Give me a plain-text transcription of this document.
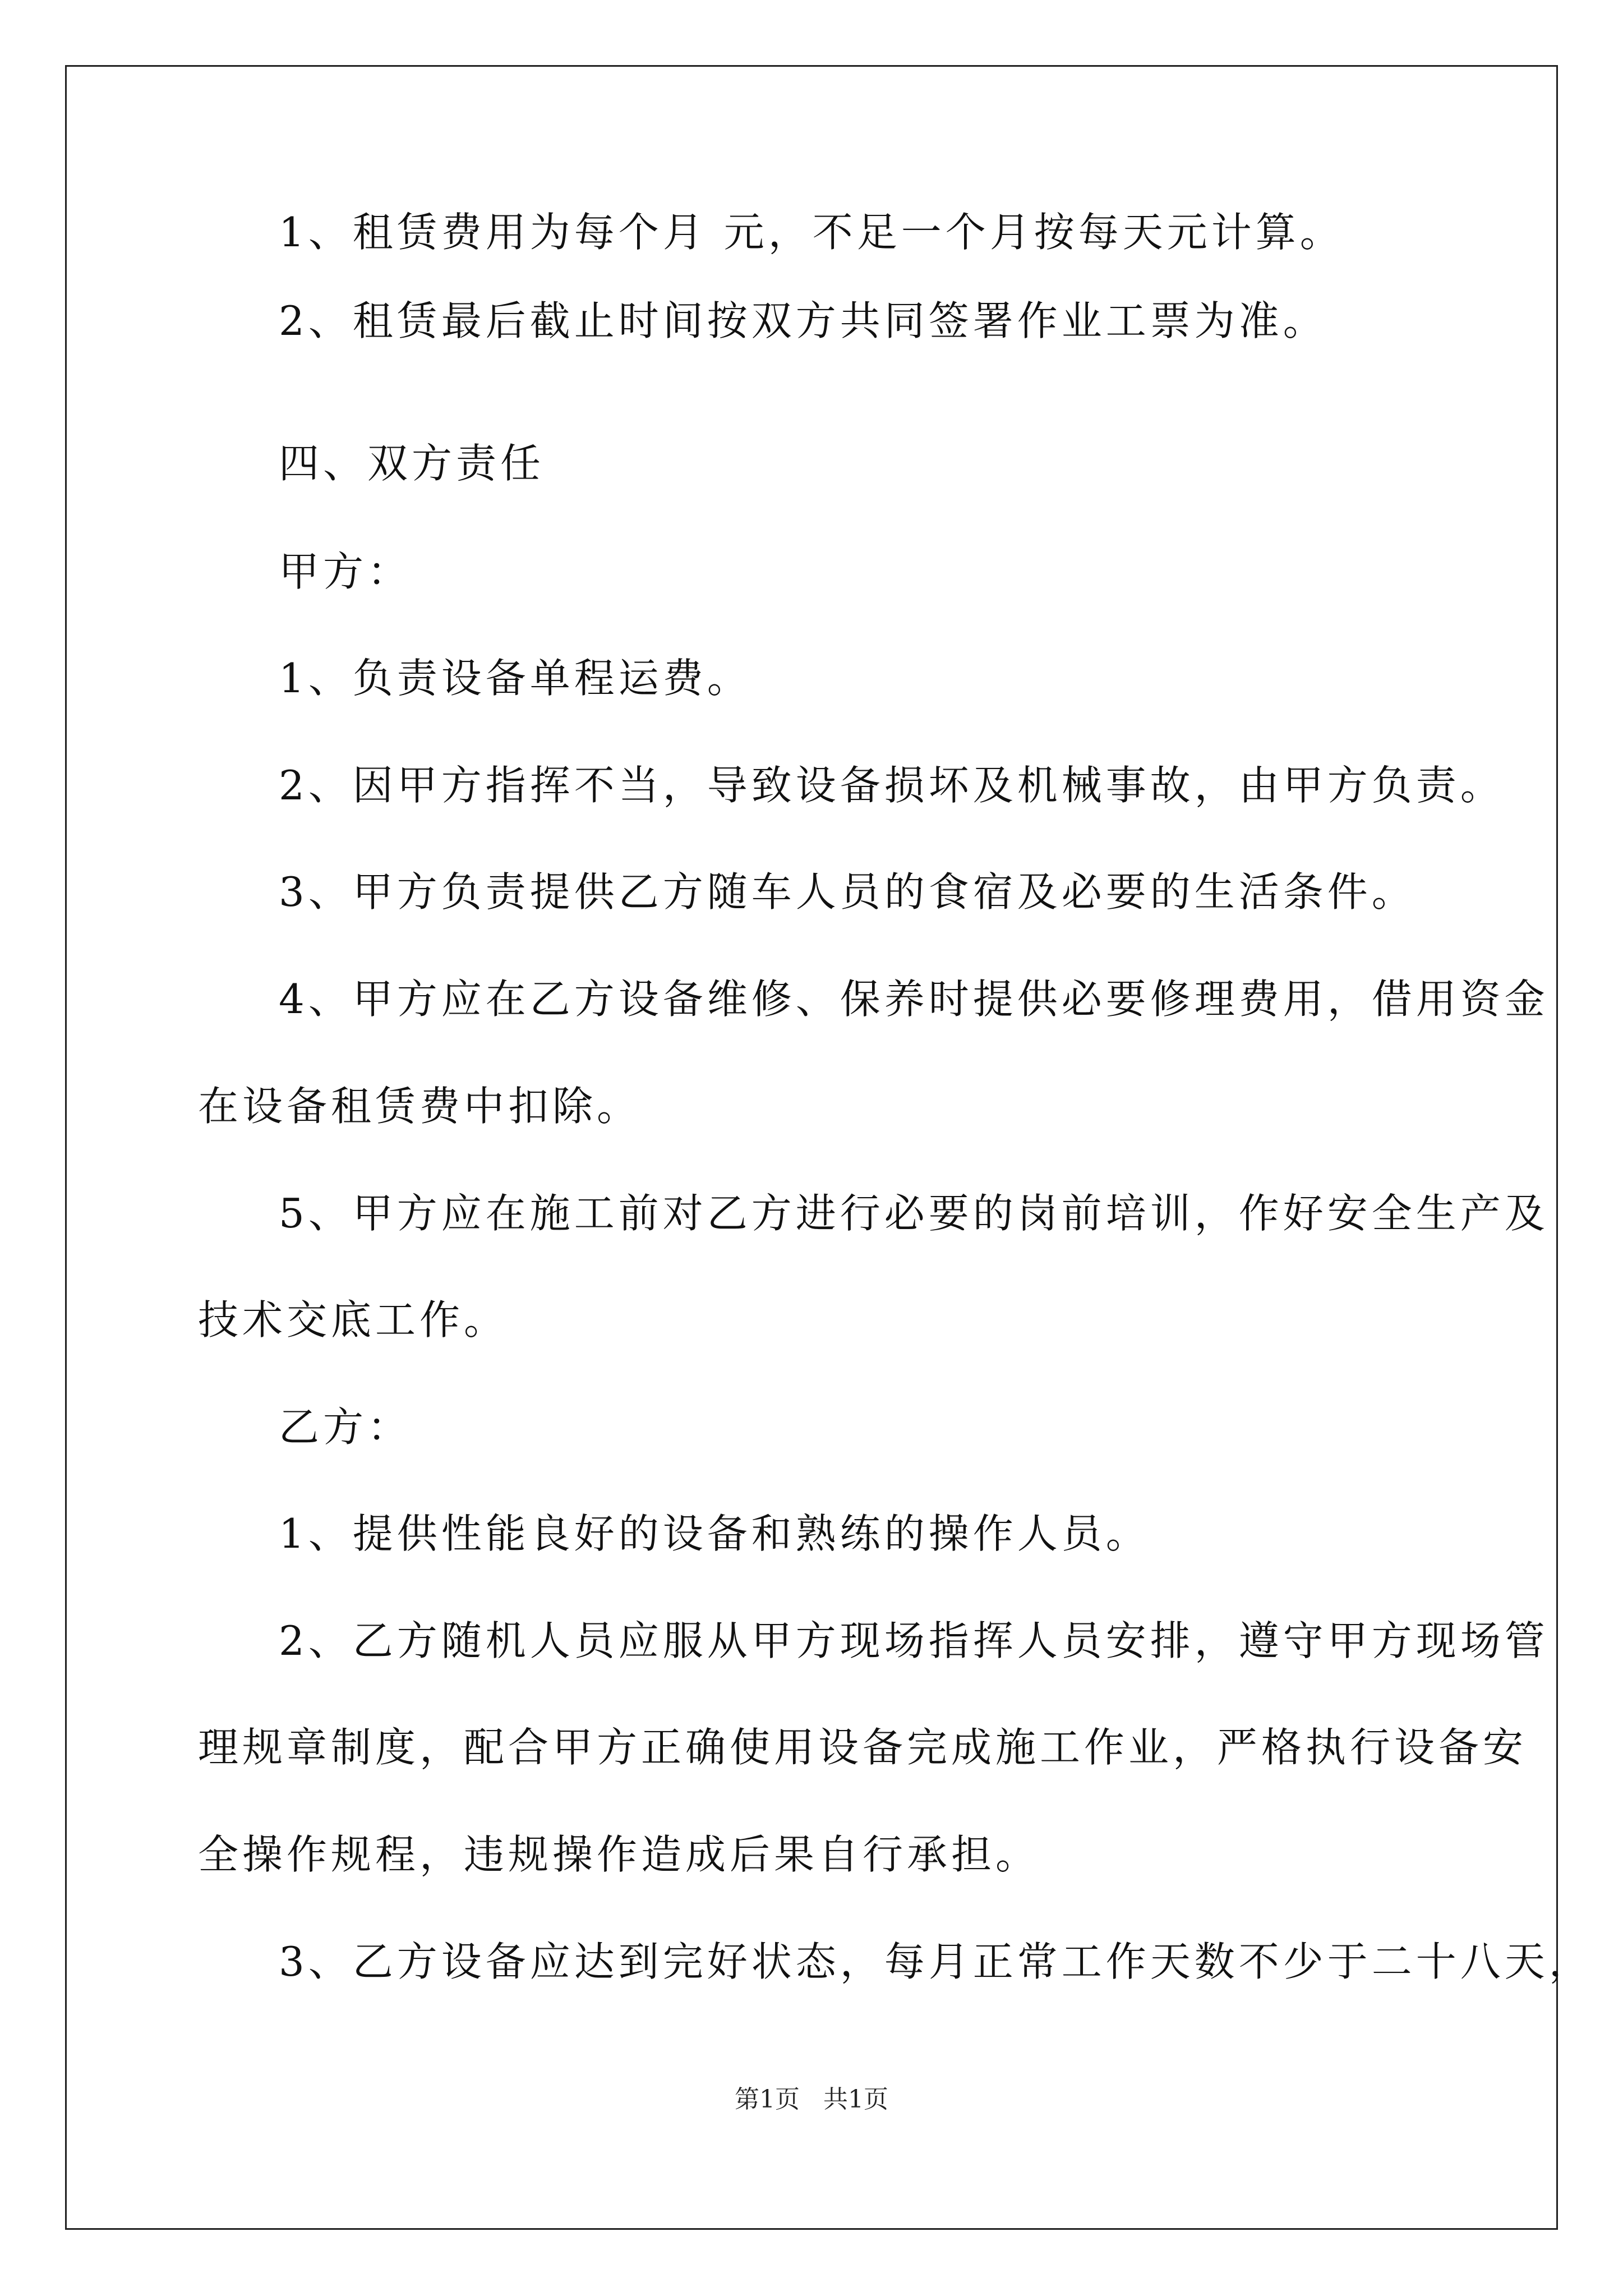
1、租赁费用为每个月 元，不足一个月按每天元计算。
2、租赁最后截止时间按双方共同签署作业工票为准。
四、双方责任
甲方：
1、负责设备单程运费。
2、因甲方指挥不当，导致设备损坏及机械事故，由甲方负责。
3、甲方负责提供乙方随车人员的食宿及必要的生活条件。
4、甲方应在乙方设备维修、保养时提供必要修理费用，借用资金
在设备租赁费中扣除。
5、甲方应在施工前对乙方进行必要的岗前培训，作好安全生产及
技术交底工作。
乙方：
1、提供性能良好的设备和熟练的操作人员。
2、乙方随机人员应服从甲方现场指挥人员安排，遵守甲方现场管
理规章制度，配合甲方正确使用设备完成施工作业，严格执行设备安
全操作规程，违规操作造成后果自行承担。
3、乙方设备应达到完好状态，每月正常工作天数不少于二十八天，
第1页   共1页
